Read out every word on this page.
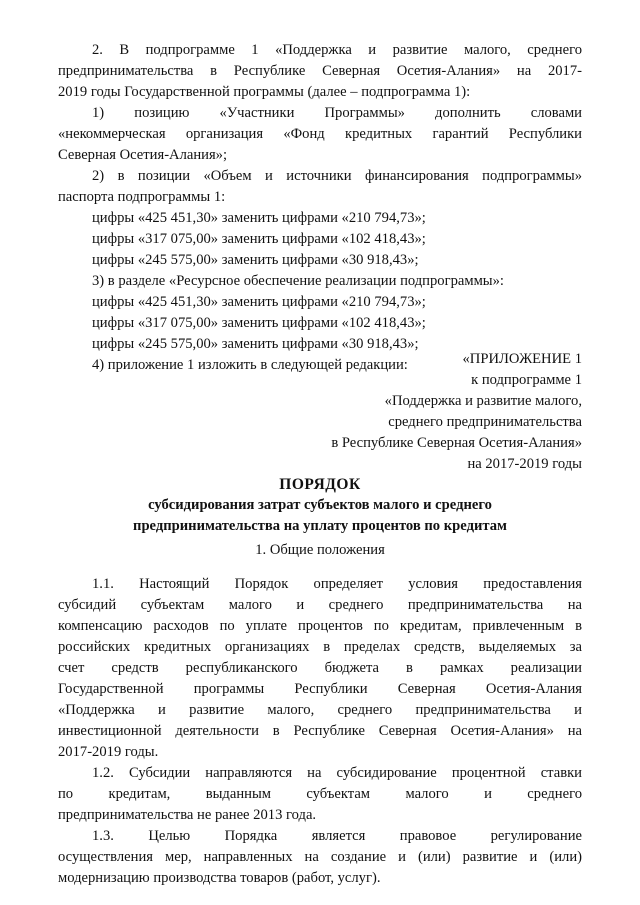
2. В подпрограмме 1 «Поддержка и развитие малого, среднего

предпринимательства в Республике Северная Осетия-Алания» на 2017-

2019 годы Государственной программы (далее – подпрограмма 1):

1) позицию «Участники Программы» дополнить словами

«некоммерческая организация «Фонд кредитных гарантий Республики

Северная Осетия-Алания»;

2) в позиции «Объем и источники финансирования подпрограммы»

паспорта подпрограммы 1:

цифры «425 451,30» заменить цифрами «210 794,73»;

цифры «317 075,00» заменить цифрами «102 418,43»;

цифры «245 575,00» заменить цифрами «30 918,43»;

3) в разделе «Ресурсное обеспечение реализации подпрограммы»:

цифры «425 451,30» заменить цифрами «210 794,73»;

цифры «317 075,00» заменить цифрами «102 418,43»;

цифры «245 575,00» заменить цифрами «30 918,43»;

4) приложение 1 изложить в следующей редакции:	«ПРИЛОЖЕНИЕ 1

к подпрограмме 1

«Поддержка и развитие малого,

среднего предпринимательства

в Республике Северная Осетия-Алания»

на 2017-2019 годы

ПОРЯДОК

субсидирования затрат субъектов малого и среднего

предпринимательства на уплату процентов по кредитам

1. Общие положения

1.1. Настоящий Порядок определяет условия предоставления

субсидий субъектам малого и среднего предпринимательства на

компенсацию расходов по уплате процентов по кредитам, привлеченным в

российских кредитных организациях в пределах средств, выделяемых за

счет средств республиканского бюджета в рамках реализации

Государственной программы Республики Северная Осетия-Алания

«Поддержка и развитие малого, среднего предпринимательства и

инвестиционной деятельности в Республике Северная Осетия-Алания» на

2017-2019 годы.

1.2. Субсидии направляются на субсидирование процентной ставки

по кредитам, выданным субъектам малого и среднего

предпринимательства не ранее 2013 года.

1.3. Целью Порядка является правовое регулирование

осуществления мер, направленных на создание и (или) развитие и (или)

модернизацию производства товаров (работ, услуг).
